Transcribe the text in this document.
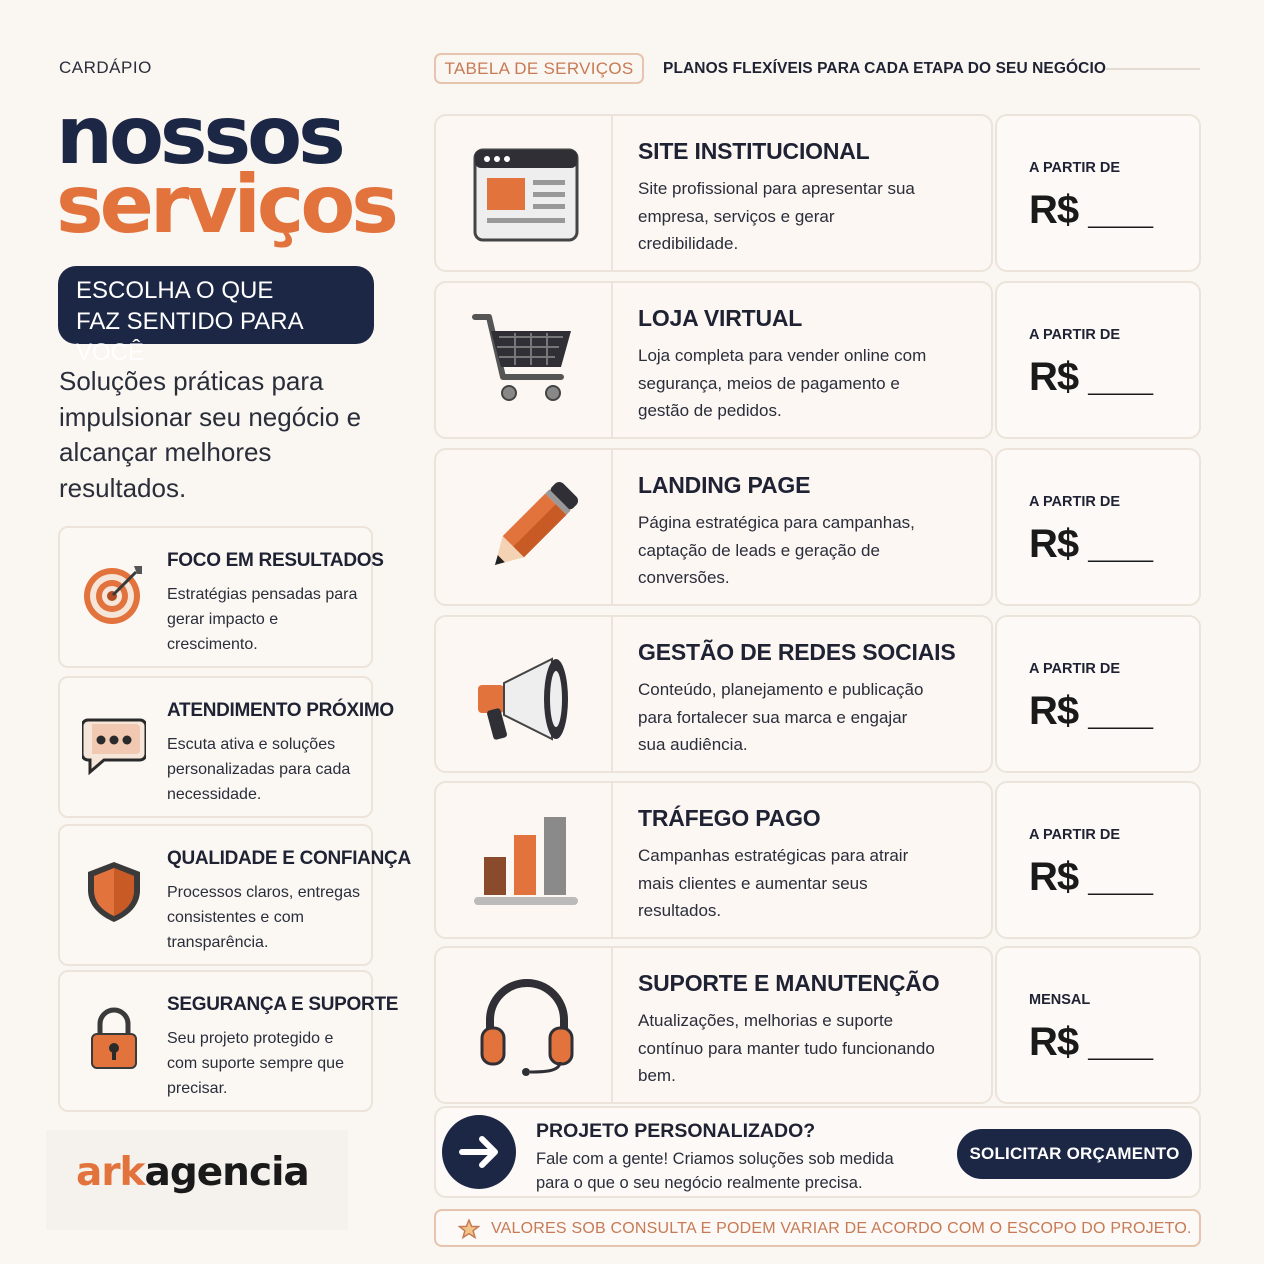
CARDÁPIO
nossos
serviços
ESCOLHA O QUE
FAZ SENTIDO PARA VOCÊ
Soluções práticas para impulsionar seu negócio e alcançar melhores resultados.
FOCO EM RESULTADOS
Estratégias pensadas para gerar impacto e crescimento.
ATENDIMENTO PRÓXIMO
Escuta ativa e soluções personalizadas para cada necessidade.
QUALIDADE E CONFIANÇA
Processos claros, entregas consistentes e com transparência.
SEGURANÇA E SUPORTE
Seu projeto protegido e com suporte sempre que precisar.
arkagencia
TABELA DE SERVIÇOS	PLANOS FLEXÍVEIS PARA CADA ETAPA DO SEU NEGÓCIO
SITE INSTITUCIONAL
Site profissional para apresentar sua empresa, serviços e gerar credibilidade.
A PARTIR DE
R$ ___
LOJA VIRTUAL
Loja completa para vender online com segurança, meios de pagamento e gestão de pedidos.
A PARTIR DE
R$ ___
LANDING PAGE
Página estratégica para campanhas, captação de leads e geração de conversões.
A PARTIR DE
R$ ___
GESTÃO DE REDES SOCIAIS
Conteúdo, planejamento e publicação para fortalecer sua marca e engajar sua audiência.
A PARTIR DE
R$ ___
TRÁFEGO PAGO
Campanhas estratégicas para atrair mais clientes e aumentar seus resultados.
A PARTIR DE
R$ ___
SUPORTE E MANUTENÇÃO
Atualizações, melhorias e suporte contínuo para manter tudo funcionando bem.
MENSAL
R$ ___
PROJETO PERSONALIZADO?
Fale com a gente! Criamos soluções sob medida para o que o seu negócio realmente precisa.
SOLICITAR ORÇAMENTO
VALORES SOB CONSULTA E PODEM VARIAR DE ACORDO COM O ESCOPO DO PROJETO.
